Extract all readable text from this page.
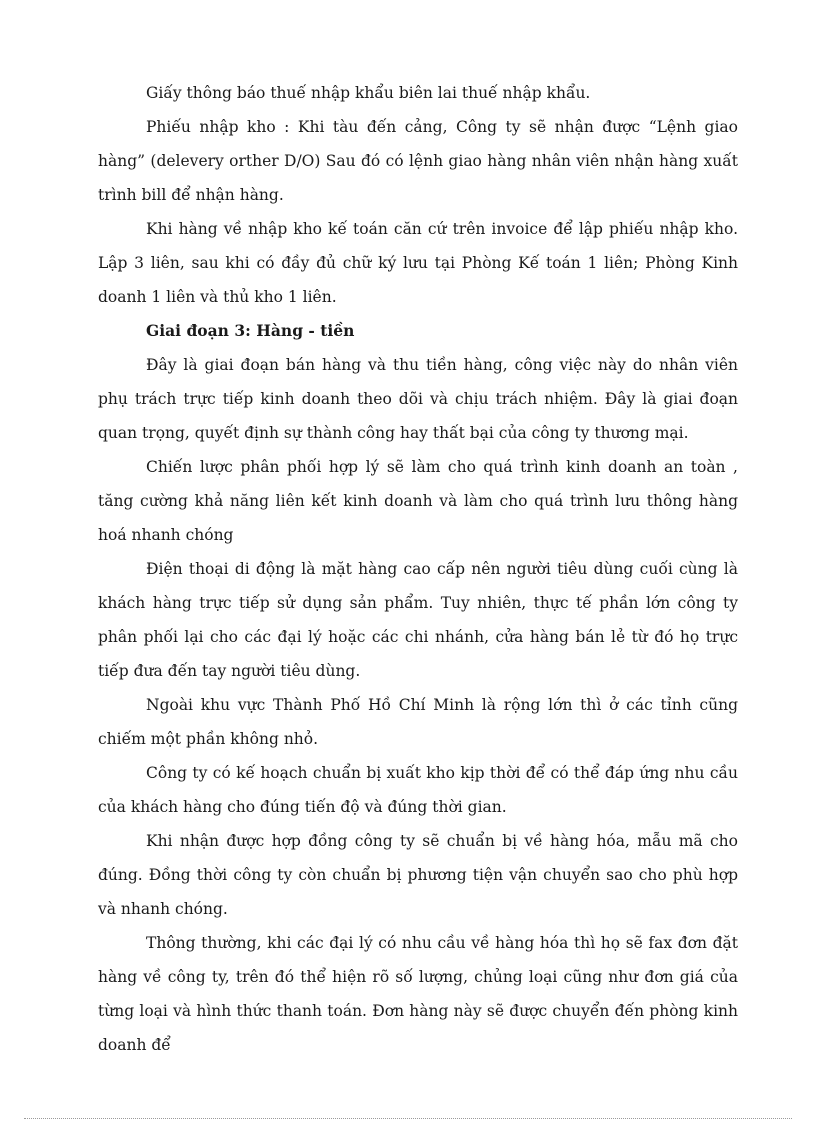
Giấy thông báo thuế nhập khẩu biên lai thuế nhập khẩu.

Phiếu nhập kho : Khi tàu đến cảng, Công ty sẽ nhận được “Lệnh giao hàng” (delevery orther D/O) Sau đó có lệnh giao hàng nhân viên nhận hàng xuất trình bill để nhận hàng.

Khi hàng về nhập kho kế toán căn cứ trên invoice để lập phiếu nhập kho. Lập 3 liên, sau khi có đầy đủ chữ ký lưu tại Phòng Kế toán 1 liên; Phòng Kinh doanh 1 liên và thủ kho 1 liên.

Giai đoạn 3: Hàng - tiền

Đây là giai đoạn bán hàng và thu tiền hàng, công việc này do nhân viên phụ trách trực tiếp kinh doanh theo dõi và chịu trách nhiệm. Đây là giai đoạn quan trọng, quyết định sự thành công hay thất bại của công ty thương mại.

Chiến lược phân phối hợp lý sẽ làm cho quá trình kinh doanh an toàn , tăng cường khả năng liên kết kinh doanh và làm cho quá trình lưu thông hàng hoá nhanh chóng

Điện thoại di động là mặt hàng cao cấp nên người tiêu dùng cuối cùng là khách hàng trực tiếp sử dụng sản phẩm. Tuy nhiên, thực tế phần lớn công ty phân phối lại cho các đại lý hoặc các chi nhánh, cửa hàng bán lẻ từ đó họ trực tiếp đưa đến tay người tiêu dùng.

Ngoài khu vực Thành Phố Hồ Chí Minh là rộng lớn thì ở các tỉnh cũng chiếm một phần không nhỏ.

Công ty có kế hoạch chuẩn bị xuất kho kịp thời để có thể đáp ứng nhu cầu của khách hàng cho đúng tiến độ và đúng thời gian.

Khi nhận được hợp đồng công ty sẽ chuẩn bị về hàng hóa, mẫu mã cho đúng. Đồng thời công ty còn chuẩn bị phương tiện vận chuyển sao cho phù hợp và nhanh chóng.

Thông thường, khi các đại lý có nhu cầu về hàng hóa thì họ sẽ fax đơn đặt hàng về công ty, trên đó thể hiện rõ số lượng, chủng loại cũng như đơn giá của từng loại và hình thức thanh toán. Đơn hàng này sẽ được chuyển đến phòng kinh doanh để
